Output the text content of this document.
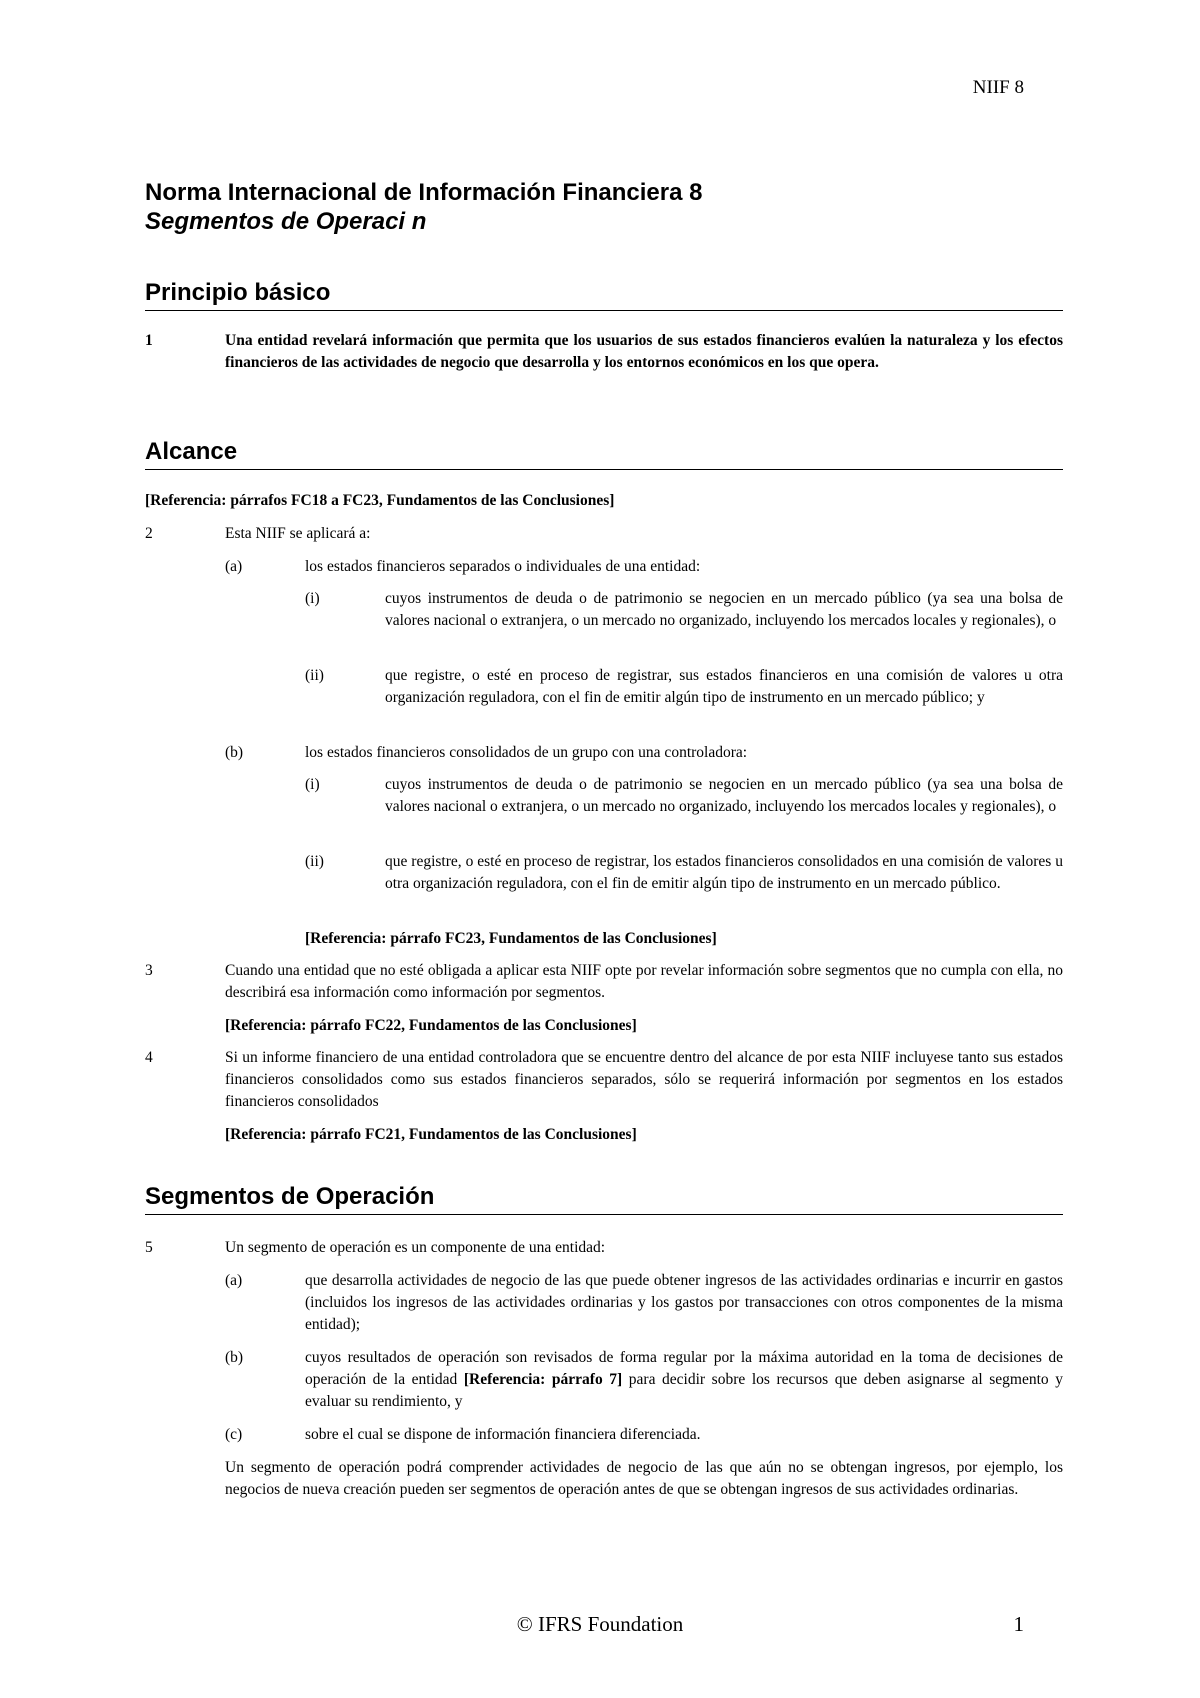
NIIF 8
Norma Internacional de Información Financiera 8
Segmentos de Operaci n
Principio básico
1	Una entidad revelará información que permita que los usuarios de sus estados financieros evalúen la naturaleza y los efectos financieros de las actividades de negocio que desarrolla y los entornos económicos en los que opera.
Alcance
[Referencia: párrafos FC18 a FC23, Fundamentos de las Conclusiones]
2	Esta NIIF se aplicará a:
(a)	los estados financieros separados o individuales de una entidad:
(i)	cuyos instrumentos de deuda o de patrimonio se negocien en un mercado público (ya sea una bolsa de valores nacional o extranjera, o un mercado no organizado, incluyendo los mercados locales y regionales), o
(ii)	que registre, o esté en proceso de registrar, sus estados financieros en una comisión de valores u otra organización reguladora, con el fin de emitir algún tipo de instrumento en un mercado público; y
(b)	los estados financieros consolidados de un grupo con una controladora:
(i)	cuyos instrumentos de deuda o de patrimonio se negocien en un mercado público (ya sea una bolsa de valores nacional o extranjera, o un mercado no organizado, incluyendo los mercados locales y regionales), o
(ii)	que registre, o esté en proceso de registrar, los estados financieros consolidados en una comisión de valores u otra organización reguladora, con el fin de emitir algún tipo de instrumento en un mercado público.
[Referencia: párrafo FC23, Fundamentos de las Conclusiones]
3	Cuando una entidad que no esté obligada a aplicar esta NIIF opte por revelar información sobre segmentos que no cumpla con ella, no describirá esa información como información por segmentos.
[Referencia: párrafo FC22, Fundamentos de las Conclusiones]
4	Si un informe financiero de una entidad controladora que se encuentre dentro del alcance de por esta NIIF incluyese tanto sus estados financieros consolidados como sus estados financieros separados, sólo se requerirá información por segmentos en los estados financieros consolidados
[Referencia: párrafo FC21, Fundamentos de las Conclusiones]
Segmentos de Operación
5	Un segmento de operación es un componente de una entidad:
(a)	que desarrolla actividades de negocio de las que puede obtener ingresos de las actividades ordinarias e incurrir en gastos (incluidos los ingresos de las actividades ordinarias y los gastos por transacciones con otros componentes de la misma entidad);
(b)	cuyos resultados de operación son revisados de forma regular por la máxima autoridad en la toma de decisiones de operación de la entidad [Referencia: párrafo 7] para decidir sobre los recursos que deben asignarse al segmento y evaluar su rendimiento, y
(c)	sobre el cual se dispone de información financiera diferenciada.
Un segmento de operación podrá comprender actividades de negocio de las que aún no se obtengan ingresos, por ejemplo, los negocios de nueva creación pueden ser segmentos de operación antes de que se obtengan ingresos de sus actividades ordinarias.
© IFRS Foundation	1
